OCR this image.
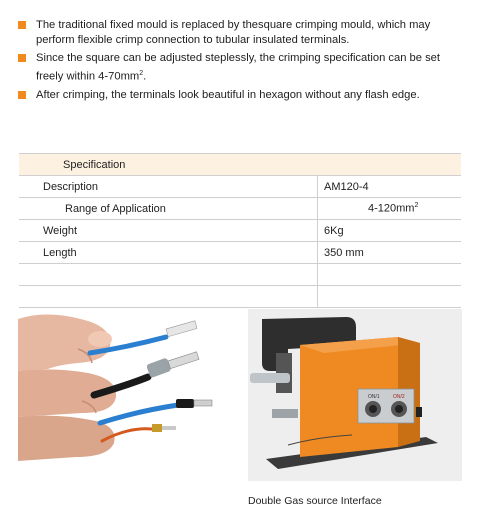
The traditional fixed mould is replaced by thesquare crimping mould, which may perform flexible crimp connection to tubular insulated terminals.
Since the square can be adjusted steplessly, the crimping specification can be set freely within $4-70mm^2$.
After crimping, the terminals look beautiful in hexagon without any flash edge.
Specification	
Description	AM120-4
Range of Application	$4-120mm^2$
Weight	6Kg
Length	350 mm

ON/1	ON/2
Double Gas source Interface
